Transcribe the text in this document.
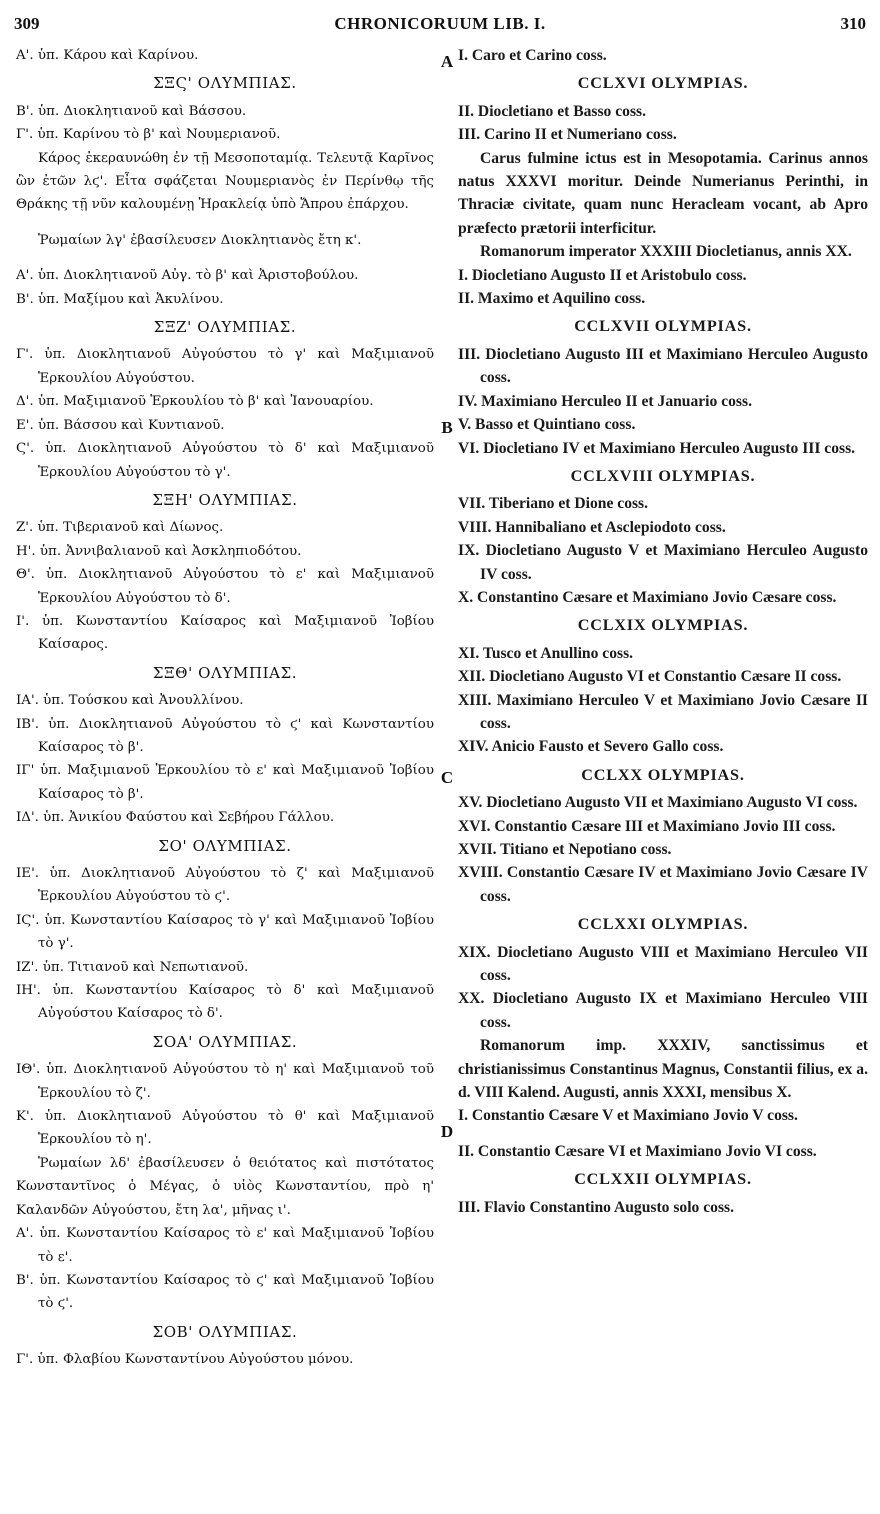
309	CHRONICORUUM LIB. I.	310

Α'. ὑπ. Κάρου καὶ Καρίνου.

ΣΞϚ' ΟΛΥΜΠΙΑΣ.

Β'. ὑπ. Διοκλητιανοῦ καὶ Βάσσου.

Γ'. ὑπ. Καρίνου τὸ β' καὶ Νουμεριανοῦ.

Κάρος ἐκεραυνώθη ἐν τῇ Μεσοποταμίᾳ. Τελευτᾷ Καρῖνος ὢν ἐτῶν λϛ'. Εἶτα σφάζεται Νουμεριανὸς ἐν Περίνθῳ τῆς Θράκης τῇ νῦν καλουμένῃ Ἡρακλείᾳ ὑπὸ Ἄπρου ἐπάρχου.

Ῥωμαίων λγ' ἐβασίλευσεν Διοκλητιανὸς ἔτη κ'.

Α'. ὑπ. Διοκλητιανοῦ Αὐγ. τὸ β' καὶ Ἀριστοβούλου.

Β'. ὑπ. Μαξίμου καὶ Ἀκυλίνου.

ΣΞΖ' ΟΛΥΜΠΙΑΣ.

Γ'. ὑπ. Διοκλητιανοῦ Αὐγούστου τὸ γ' καὶ Μαξιμιανοῦ Ἑρκουλίου Αὐγούστου.

Δ'. ὑπ. Μαξιμιανοῦ Ἑρκουλίου τὸ β' καὶ Ἰανουαρίου.

Ε'. ὑπ. Βάσσου καὶ Κυντιανοῦ.

Ϛ'. ὑπ. Διοκλητιανοῦ Αὐγούστου τὸ δ' καὶ Μαξιμιανοῦ Ἑρκουλίου Αὐγούστου τὸ γ'.

ΣΞΗ' ΟΛΥΜΠΙΑΣ.

Ζ'. ὑπ. Τιβεριανοῦ καὶ Δίωνος.

Η'. ὑπ. Ἀννιβαλιανοῦ καὶ Ἀσκληπιοδότου.

Θ'. ὑπ. Διοκλητιανοῦ Αὐγούστου τὸ ε' καὶ Μαξιμιανοῦ Ἑρκουλίου Αὐγούστου τὸ δ'.

Ι'. ὑπ. Κωνσταντίου Καίσαρος καὶ Μαξιμιανοῦ Ἰοβίου Καίσαρος.

ΣΞΘ' ΟΛΥΜΠΙΑΣ.

ΙΑ'. ὑπ. Τούσκου καὶ Ἀνουλλίνου.

ΙΒ'. ὑπ. Διοκλητιανοῦ Αὐγούστου τὸ ϛ' καὶ Κωνσταντίου Καίσαρος τὸ β'.

ΙΓ' ὑπ. Μαξιμιανοῦ Ἑρκουλίου τὸ ε' καὶ Μαξιμιανοῦ Ἰοβίου Καίσαρος τὸ β'.

ΙΔ'. ὑπ. Ἀνικίου Φαύστου καὶ Σεβήρου Γάλλου.

ΣΟ' ΟΛΥΜΠΙΑΣ.

ΙΕ'. ὑπ. Διοκλητιανοῦ Αὐγούστου τὸ ζ' καὶ Μαξιμιανοῦ Ἑρκουλίου Αὐγούστου τὸ ϛ'.

ΙϚ'. ὑπ. Κωνσταντίου Καίσαρος τὸ γ' καὶ Μαξιμιανοῦ Ἰοβίου τὸ γ'.

ΙΖ'. ὑπ. Τιτιανοῦ καὶ Νεπωτιανοῦ.

ΙΗ'. ὑπ. Κωνσταντίου Καίσαρος τὸ δ' καὶ Μαξιμιανοῦ Αὐγούστου Καίσαρος τὸ δ'.

ΣΟΑ' ΟΛΥΜΠΙΑΣ.

ΙΘ'. ὑπ. Διοκλητιανοῦ Αὐγούστου τὸ η' καὶ Μαξιμιανοῦ τοῦ Ἑρκουλίου τὸ ζ'.

Κ'. ὑπ. Διοκλητιανοῦ Αὐγούστου τὸ θ' καὶ Μαξιμιανοῦ Ἑρκουλίου τὸ η'.

Ῥωμαίων λδ' ἐβασίλευσεν ὁ θειότατος καὶ πιστότατος Κωνσταντῖνος ὁ Μέγας, ὁ υἱὸς Κωνσταντίου, πρὸ η' Καλανδῶν Αὐγούστου, ἔτη λα', μῆνας ι'.

Α'. ὑπ. Κωνσταντίου Καίσαρος τὸ ε' καὶ Μαξιμιανοῦ Ἰοβίου τὸ ε'.

Β'. ὑπ. Κωνσταντίου Καίσαρος τὸ ϛ' καὶ Μαξιμιανοῦ Ἰοβίου τὸ ϛ'.

ΣΟΒ' ΟΛΥΜΠΙΑΣ.

Γ'. ὑπ. Φλαβίου Κωνσταντίνου Αὐγούστου μόνου.

I. Caro et Carino coss.

CCLXVI OLYMPIAS.

II. Diocletiano et Basso coss.

III. Carino II et Numeriano coss.

Carus fulmine ictus est in Mesopotamia. Carinus annos natus XXXVI moritur. Deinde Numerianus Perinthi, in Thraciæ civitate, quam nunc Heracleam vocant, ab Apro præfecto prætorii interficitur.

Romanorum imperator XXXIII Diocletianus, annis XX.

I. Diocletiano Augusto II et Aristobulo coss.

II. Maximo et Aquilino coss.

CCLXVII OLYMPIAS.

III. Diocletiano Augusto III et Maximiano Herculeo Augusto coss.

IV. Maximiano Herculeo II et Januario coss.

V. Basso et Quintiano coss.

VI. Diocletiano IV et Maximiano Herculeo Augusto III coss.

CCLXVIII OLYMPIAS.

VII. Tiberiano et Dione coss.

VIII. Hannibaliano et Asclepiodoto coss.

IX. Diocletiano Augusto V et Maximiano Herculeo Augusto IV coss.

X. Constantino Cæsare et Maximiano Jovio Cæsare coss.

CCLXIX OLYMPIAS.

XI. Tusco et Anullino coss.

XII. Diocletiano Augusto VI et Constantio Cæsare II coss.

XIII. Maximiano Herculeo V et Maximiano Jovio Cæsare II coss.

XIV. Anicio Fausto et Severo Gallo coss.

CCLXX OLYMPIAS.

XV. Diocletiano Augusto VII et Maximiano Augusto VI coss.

XVI. Constantio Cæsare III et Maximiano Jovio III coss.

XVII. Titiano et Nepotiano coss.

XVIII. Constantio Cæsare IV et Maximiano Jovio Cæsare IV coss.

CCLXXI OLYMPIAS.

XIX. Diocletiano Augusto VIII et Maximiano Herculeo VII coss.

XX. Diocletiano Augusto IX et Maximiano Herculeo VIII coss.

Romanorum imp. XXXIV, sanctissimus et christianissimus Constantinus Magnus, Constantii filius, ex a. d. VIII Kalend. Augusti, annis XXXI, mensibus X.

I. Constantio Cæsare V et Maximiano Jovio V coss.

II. Constantio Cæsare VI et Maximiano Jovio VI coss.

CCLXXII OLYMPIAS.

III. Flavio Constantino Augusto solo coss.

A
B
C
D
